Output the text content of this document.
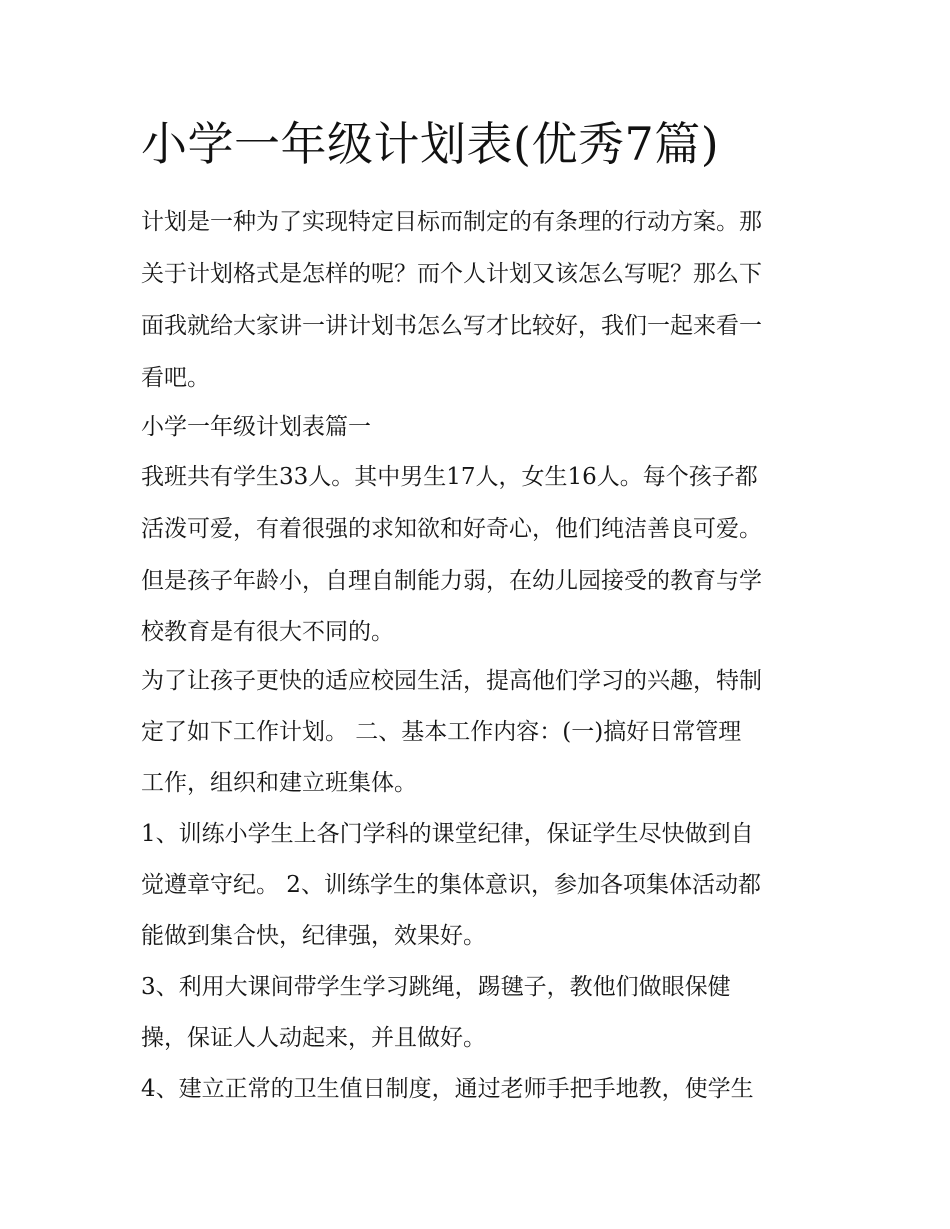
小学一年级计划表(优秀7篇)

计划是一种为了实现特定目标而制定的有条理的行动方案。那

关于计划格式是怎样的呢？而个人计划又该怎么写呢？那么下

面我就给大家讲一讲计划书怎么写才比较好，我们一起来看一

看吧。

小学一年级计划表篇一

我班共有学生33人。其中男生17人，女生16人。每个孩子都

活泼可爱，有着很强的求知欲和好奇心，他们纯洁善良可爱。

但是孩子年龄小，自理自制能力弱，在幼儿园接受的教育与学

校教育是有很大不同的。

为了让孩子更快的适应校园生活，提高他们学习的兴趣，特制

定了如下工作计划。 二、基本工作内容：(一)搞好日常管理

工作，组织和建立班集体。

1、训练小学生上各门学科的课堂纪律，保证学生尽快做到自

觉遵章守纪。 2、训练学生的集体意识，参加各项集体活动都

能做到集合快，纪律强，效果好。

3、利用大课间带学生学习跳绳，踢毽子，教他们做眼保健

操，保证人人动起来，并且做好。

4、建立正常的卫生值日制度，通过老师手把手地教，使学生
